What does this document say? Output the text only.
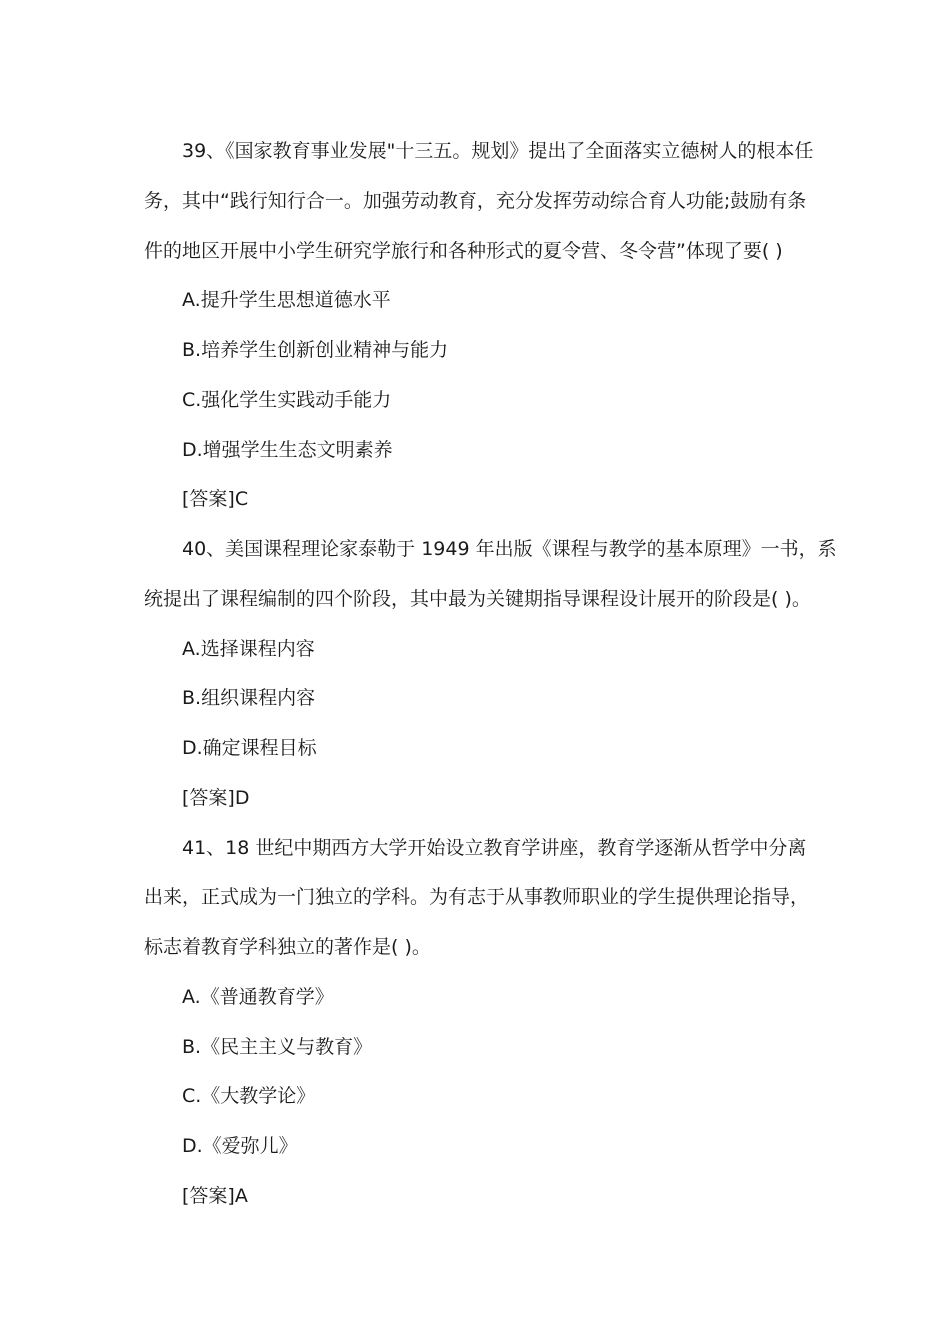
39、《国家教育事业发展"十三五。规划》提出了全面落实立德树人的根本任
务，其中“践行知行合一。加强劳动教育，充分发挥劳动综合育人功能;鼓励有条
件的地区开展中小学生研究学旅行和各种形式的夏令营、冬令营”体现了要( )
A.提升学生思想道德水平
B.培养学生创新创业精神与能力
C.强化学生实践动手能力
D.增强学生生态文明素养
[答案]C
40、美国课程理论家泰勒于 1949 年出版《课程与教学的基本原理》一书，系
统提出了课程编制的四个阶段，其中最为关键期指导课程设计展开的阶段是( )。
A.选择课程内容
B.组织课程内容
D.确定课程目标
[答案]D
41、18 世纪中期西方大学开始设立教育学讲座，教育学逐渐从哲学中分离
出来，正式成为一门独立的学科。为有志于从事教师职业的学生提供理论指导，
标志着教育学科独立的著作是( )。
A.《普通教育学》
B.《民主主义与教育》
C.《大教学论》
D.《爱弥儿》
[答案]A
